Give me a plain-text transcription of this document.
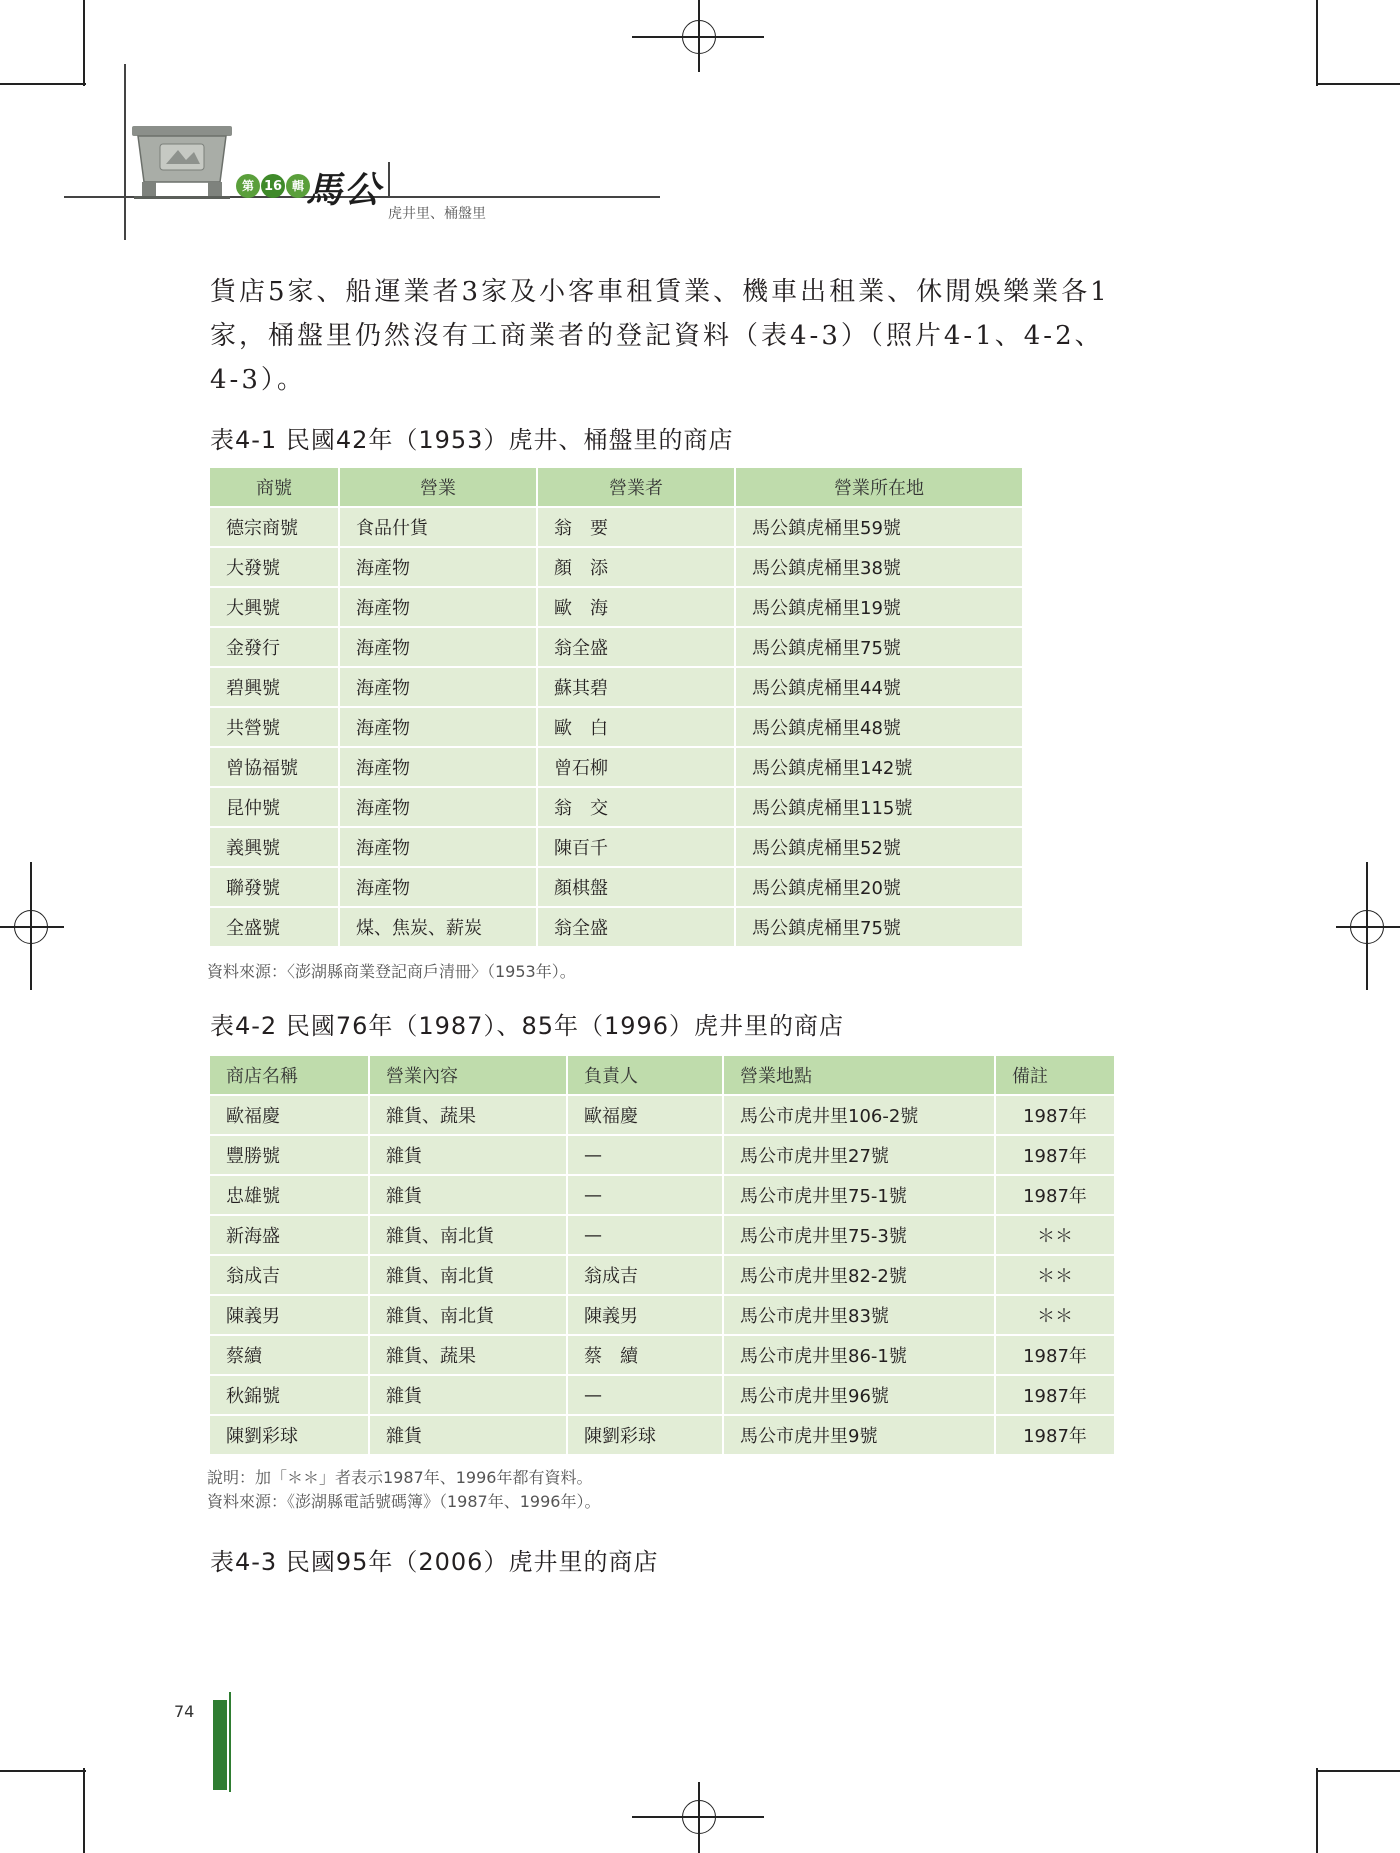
第 16 輯 馬公
虎井里、桶盤里
貨店5家、船運業者3家及小客車租賃業、機車出租業、休閒娛樂業各1
家，桶盤里仍然沒有工商業者的登記資料（表4-3）（照片4-1、4-2、
4-3）。
表4-1 民國42年（1953）虎井、桶盤里的商店
商號	營業	營業者	營業所在地
德宗商號	食品什貨	翁　要	馬公鎮虎桶里59號
大發號	海產物	顏　添	馬公鎮虎桶里38號
大興號	海產物	歐　海	馬公鎮虎桶里19號
金發行	海產物	翁全盛	馬公鎮虎桶里75號
碧興號	海產物	蘇其碧	馬公鎮虎桶里44號
共營號	海產物	歐　白	馬公鎮虎桶里48號
曾協福號	海產物	曾石柳	馬公鎮虎桶里142號
昆仲號	海產物	翁　交	馬公鎮虎桶里115號
義興號	海產物	陳百千	馬公鎮虎桶里52號
聯發號	海產物	顏棋盤	馬公鎮虎桶里20號
全盛號	煤、焦炭、薪炭	翁全盛	馬公鎮虎桶里75號
資料來源：〈澎湖縣商業登記商戶清冊〉（1953年）。
表4-2 民國76年（1987）、85年（1996）虎井里的商店
商店名稱	營業內容	負責人	營業地點	備註
歐福慶	雜貨、蔬果	歐福慶	馬公市虎井里106-2號	1987年
豐勝號	雜貨	—	馬公市虎井里27號	1987年
忠雄號	雜貨	—	馬公市虎井里75-1號	1987年
新海盛	雜貨、南北貨	—	馬公市虎井里75-3號	＊＊
翁成吉	雜貨、南北貨	翁成吉	馬公市虎井里82-2號	＊＊
陳義男	雜貨、南北貨	陳義男	馬公市虎井里83號	＊＊
蔡續	雜貨、蔬果	蔡　續	馬公市虎井里86-1號	1987年
秋錦號	雜貨	—	馬公市虎井里96號	1987年
陳劉彩球	雜貨	陳劉彩球	馬公市虎井里9號	1987年
說明：加「＊＊」者表示1987年、1996年都有資料。
資料來源：《澎湖縣電話號碼簿》（1987年、1996年）。
表4-3 民國95年（2006）虎井里的商店
74
